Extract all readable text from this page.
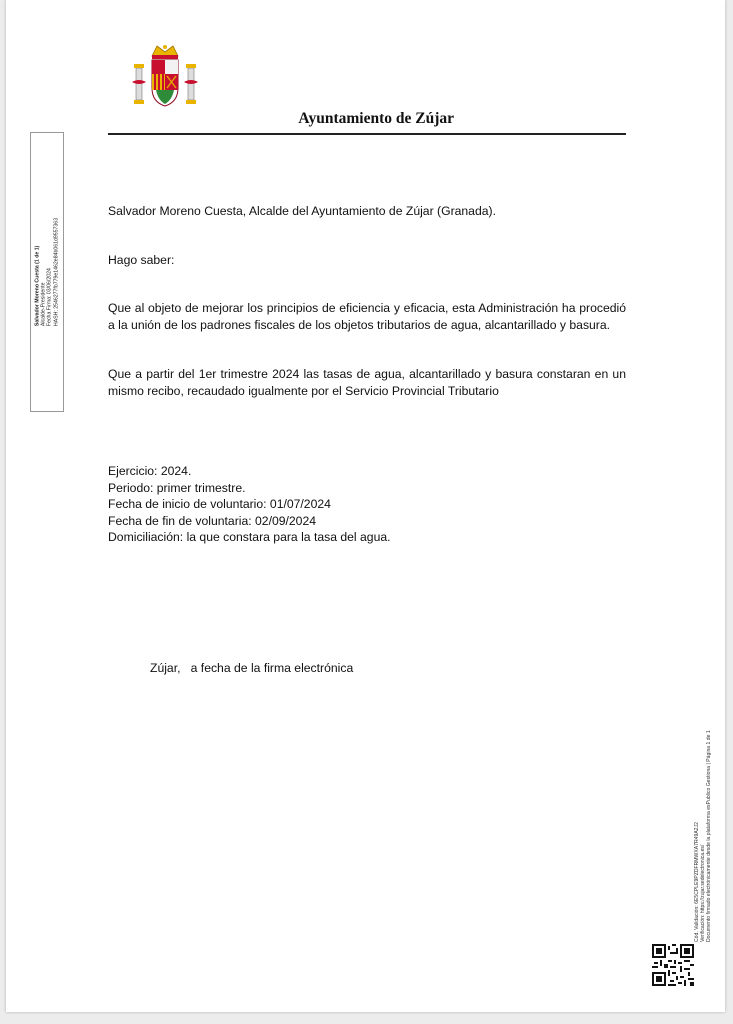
Ayuntamiento de Zújar
Salvador Moreno Cuesta (1 de 1) Alcalde-Presidente Fecha Firma: 03/06/2024 HASH: 2546277fb779e1462e84b061d9557363
Salvador Moreno Cuesta, Alcalde del Ayuntamiento de Zújar (Granada).
Hago saber:
Que al objeto de mejorar los principios de eficiencia y eficacia, esta Administración ha procedió a la unión de los padrones fiscales de los objetos tributarios de agua, alcantarillado y basura.
Que a partir del 1er trimestre 2024 las tasas de agua, alcantarillado y basura constaran en un mismo recibo, recaudado igualmente por el Servicio Provincial Tributario
Ejercicio: 2024.
Periodo: primer trimestre.
Fecha de inicio de voluntario: 01/07/2024
Fecha de fin de voluntaria: 02/09/2024
Domiciliación: la que constara para la tasa del agua.
Zújar,   a fecha de la firma electrónica
Cód. Validación: 6E5CPLE9PZDFRMWXA7R49A2J2 Verificación: https://zujar.sedelectronica.es/ Documento firmado electrónicamente desde la plataforma esPublico Gestiona | Página 1 de 1
